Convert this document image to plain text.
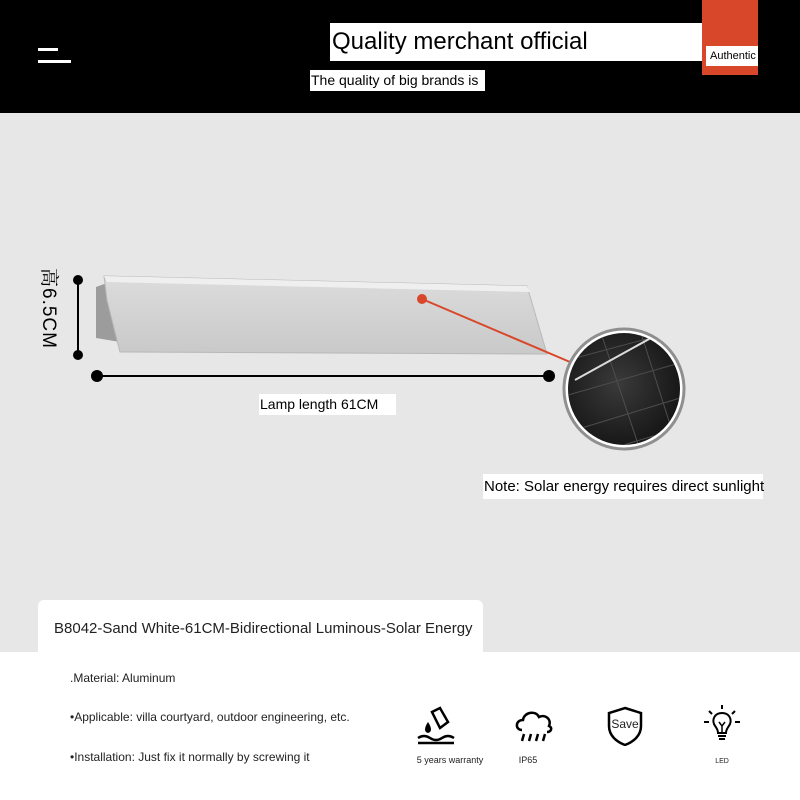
Quality merchant official
Authentic
The quality of big brands is
高6.5CM
Lamp length 61CM
Note: Solar energy requires direct sunlight
B8042-Sand White-61CM-Bidirectional Luminous-Solar Energy
.Material: Aluminum
•Applicable: villa courtyard, outdoor engineering, etc.
•Installation: Just fix it normally by screwing it	5 years warranty	IP65
Save
LED
